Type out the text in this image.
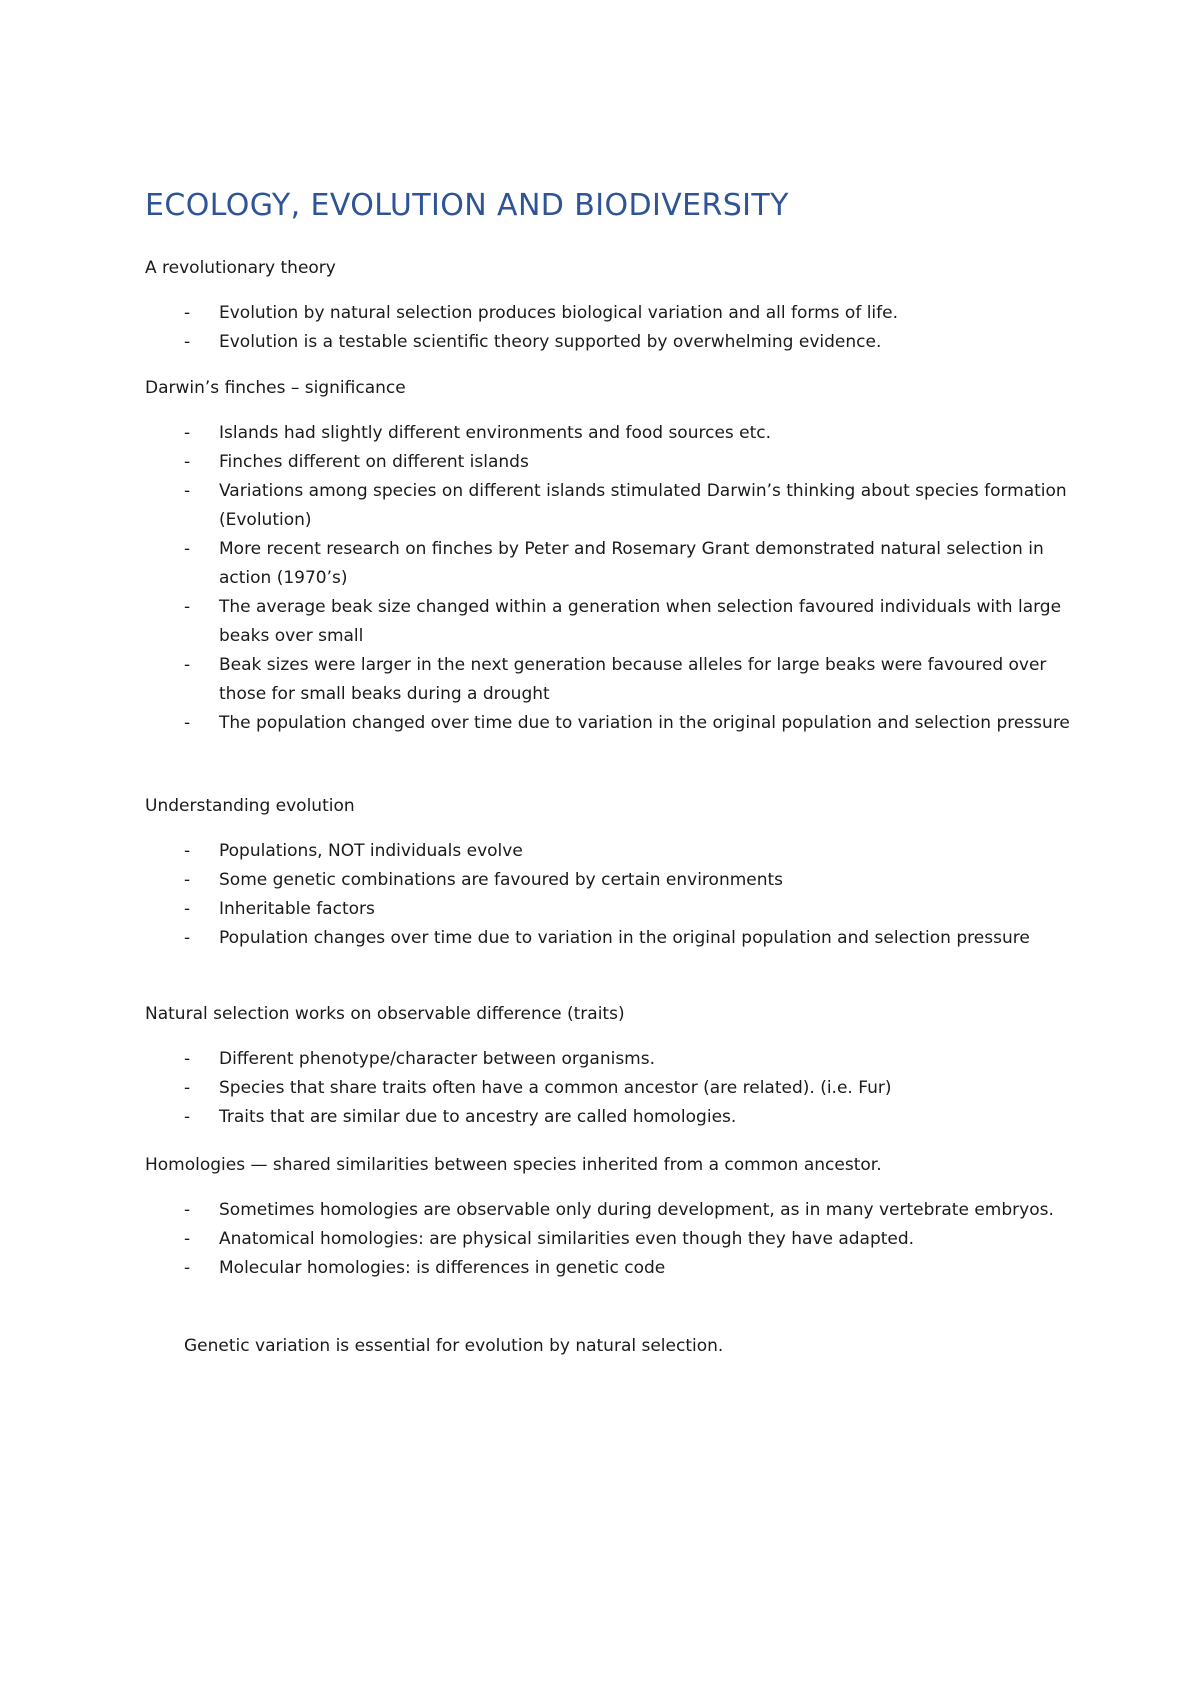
ECOLOGY, EVOLUTION AND BIODIVERSITY
A revolutionary theory
- Evolution by natural selection produces biological variation and all forms of life.
- Evolution is a testable scientific theory supported by overwhelming evidence.
Darwin’s finches – significance
- Islands had slightly different environments and food sources etc.
- Finches different on different islands
- Variations among species on different islands stimulated Darwin’s thinking about species formation (Evolution)
- More recent research on finches by Peter and Rosemary Grant demonstrated natural selection in action (1970’s)
- The average beak size changed within a generation when selection favoured individuals with large beaks over small
- Beak sizes were larger in the next generation because alleles for large beaks were favoured over those for small beaks during a drought
- The population changed over time due to variation in the original population and selection pressure
Understanding evolution
- Populations, NOT individuals evolve
- Some genetic combinations are favoured by certain environments
- Inheritable factors
- Population changes over time due to variation in the original population and selection pressure
Natural selection works on observable difference (traits)
- Different phenotype/character between organisms.
- Species that share traits often have a common ancestor (are related). (i.e. Fur)
- Traits that are similar due to ancestry are called homologies.
Homologies — shared similarities between species inherited from a common ancestor.
- Sometimes homologies are observable only during development, as in many vertebrate embryos.
- Anatomical homologies: are physical similarities even though they have adapted.
- Molecular homologies: is differences in genetic code
Genetic variation is essential for evolution by natural selection.
